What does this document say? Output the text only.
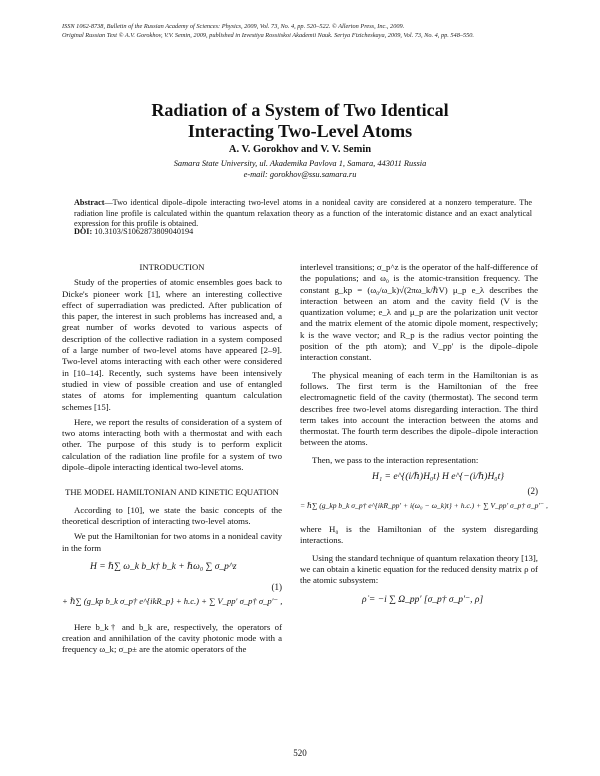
ISSN 1062-8738, Bulletin of the Russian Academy of Sciences: Physics, 2009, Vol. 73, No. 4, pp. 520–522. © Allerton Press, Inc., 2009.
Original Russian Text © A.V. Gorokhov, V.V. Semin, 2009, published in Izvestiya Rossiiskoi Akademii Nauk. Seriya Fizicheskaya, 2009, Vol. 73, No. 4, pp. 548–550.
Radiation of a System of Two Identical
Interacting Two-Level Atoms
A. V. Gorokhov and V. V. Semin
Samara State University, ul. Akademika Pavlova 1, Samara, 443011 Russia
e-mail: gorokhov@ssu.samara.ru
Abstract—Two identical dipole–dipole interacting two-level atoms in a nonideal cavity are considered at a nonzero temperature. The radiation line profile is calculated within the quantum relaxation theory as a function of the interatomic distance and an exact analytical expression for this profile is obtained.
DOI: 10.3103/S1062873809040194

INTRODUCTION

Study of the properties of atomic ensembles goes back to Dicke's pioneer work [1], where an interesting collective effect of superradiation was predicted. After publication of this paper, the interest in such problems has increased and, a great number of works devoted to various aspects of description of the collective radiation in a system composed of a large number of two-level atoms have appeared [2–9]. Two-level atoms interacting with each other were considered in [10–14]. Recently, such systems have been intensively studied in view of possible creation and use of entangled states of atoms for implementing quantum calculation schemes [15].

Here, we report the results of consideration of a system of two atoms interacting both with a thermostat and with each other. The purpose of this study is to perform explicit calculation of the radiation line profile for a system of two dipole–dipole interacting identical two-level atoms.

THE MODEL HAMILTONIAN AND KINETIC EQUATION

According to [10], we state the basic concepts of the theoretical description of interacting two-level atoms.

We put the Hamiltonian for two atoms in a nonideal cavity in the form

H = ℏ∑ ω_k b_k† b_k + ℏω₀ ∑ σ_p^z
(1)
+ ℏ∑ (g_kp b_k σ_p† e^{ikR_p} + h.c.) + ∑ V_pp′ σ_p† σ_p′⁻ ,

Here b_k† and b_k are, respectively, the operators of creation and annihilation of the cavity photonic mode with a frequency ω_k; σ_p± are the atomic operators of the

interlevel transitions; σ_p^z is the operator of the half-difference of the populations; and ω₀ is the atomic-transition frequency. The constant g_kp = (ω₀/ω_k)√(2πω_k/ℏV) μ_p e_λ describes the interaction between an atom and the cavity field (V is the quantization volume; e_λ and μ_p are the polarization unit vector and the matrix element of the atomic dipole moment, respectively; k is the wave vector; and R_p is the radius vector pointing the position of the pth atom); and V_pp′ is the dipole–dipole interaction constant.

The physical meaning of each term in the Hamiltonian is as follows. The first term is the Hamiltonian of the free electromagnetic field of the cavity (thermostat). The second term describes free two-level atoms disregarding interaction. The third term takes into account the interaction between the atoms and thermostat. The fourth term describes the dipole–dipole interaction between the atoms.

Then, we pass to the interaction representation:

H₁ = e^{(i/ℏ)H₀t} H e^{−(i/ℏ)H₀t}
(2)
= ℏ∑ (g_kp b_k σ_p† e^{ikR_pp′ + i(ω₀ − ω_k)t} + h.c.) + ∑ V_pp′ σ_p† σ_p′⁻ ,

where H₀ is the Hamiltonian of the system disregarding interactions.

Using the standard technique of quantum relaxation theory [13], we can obtain a kinetic equation for the reduced density matrix ρ of the atomic subsystem:

ρ̇ = −i ∑ Ω_pp′ [σ_p† σ_p′⁻, ρ]
520
